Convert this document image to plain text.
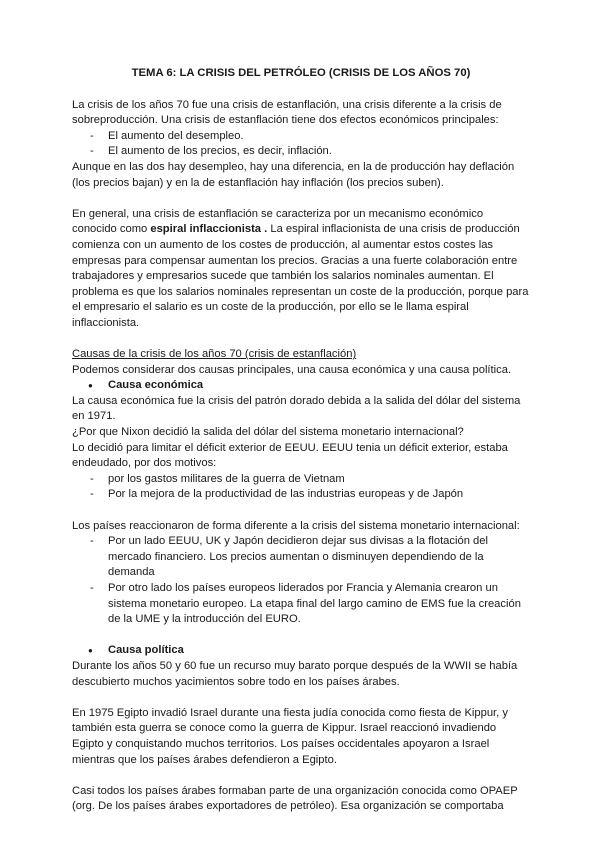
TEMA 6: LA CRISIS DEL PETRÓLEO (CRISIS DE LOS AÑOS 70)

La crisis de los años 70 fue una crisis de estanflación, una crisis diferente a la crisis de sobreproducción. Una crisis de estanflación tiene dos efectos económicos principales:

- El aumento del desempleo.
- El aumento de los precios, es decir, inflación.

Aunque en las dos hay desempleo, hay una diferencia, en la de producción hay deflación (los precios bajan) y en la de estanflación hay inflación (los precios suben).

En general, una crisis de estanflación se caracteriza por un mecanismo económico conocido como espiral inflaccionista . La espiral inflacionista de una crisis de producción comienza con un aumento de los costes de producción, al aumentar estos costes las empresas para compensar aumentan los precios. Gracias a una fuerte colaboración entre trabajadores y empresarios sucede que también los salarios nominales aumentan. El problema es que los salarios nominales representan un coste de la producción, porque para el empresario el salario es un coste de la producción, por ello se le llama espiral inflaccionista.

Causas de la crisis de los años 70 (crisis de estanflación)

Podemos considerar dos causas principales, una causa económica y una causa política.

● Causa económica

La causa económica fue la crisis del patrón dorado debida a la salida del dólar del sistema en 1971.

¿Por que Nixon decidió la salida del dólar del sistema monetario internacional?

Lo decidió para limitar el déficit exterior de EEUU. EEUU tenia un déficit exterior, estaba endeudado, por dos motivos:

- por los gastos militares de la guerra de Vietnam
- Por la mejora de la productividad de las industrias europeas y de Japón

Los países reaccionaron de forma diferente a la crisis del sistema monetario internacional:

- Por un lado EEUU, UK y Japón decidieron dejar sus divisas a la flotación del mercado financiero. Los precios aumentan o disminuyen dependiendo de la demanda
- Por otro lado los países europeos liderados por Francia y Alemania crearon un sistema monetario europeo. La etapa final del largo camino de EMS fue la creación de la UME y la introducción del EURO.
● Causa política

Durante los años 50 y 60 fue un recurso muy barato porque después de la WWII se había descubierto muchos yacimientos sobre todo en los países árabes.

En 1975 Egipto invadió Israel durante una fiesta judía conocida como fiesta de Kippur, y también esta guerra se conoce como la guerra de Kippur. Israel reaccionó invadiendo Egipto y conquistando muchos territorios. Los países occidentales apoyaron a Israel mientras que los países árabes defendieron a Egipto.

Casi todos los países árabes formaban parte de una organización conocida como OPAEP (org. De los países árabes exportadores de petróleo). Esa organización se comportaba
